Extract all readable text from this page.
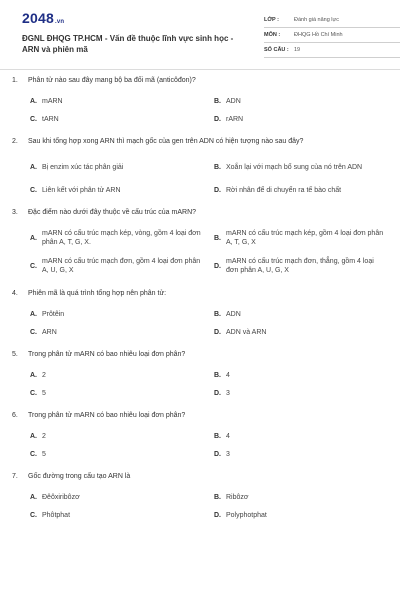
2048.vn
ĐGNL ĐHQG TP.HCM - Vấn đề thuộc lĩnh vực sinh học - ARN và phiên mã
LỚP :	Đánh giá năng lực
MÔN :	ĐHQG Hồ Chí Minh
SỐ CÂU : 19
1.	Phân tử nào sau đây mang bộ ba đối mã (anticôđon)?
A. mARN	B. ADN
C. tARN	D. rARN
2.	Sau khi tổng hợp xong ARN thì mạch gốc của gen trên ADN có hiện tượng nào sau đây?
A. Bị enzim xúc tác phân giải	B. Xoắn lại với mạch bổ sung của nó trên ADN
C. Liên kết với phân tử ARN	D. Rời nhân để di chuyển ra tế bào chất
3.	Đặc điểm nào dưới đây thuộc về cấu trúc của mARN?
A.
mARN có cấu trúc mạch kép, vòng, gồm 4 loại đơn phân A, T, G, X.
B.
mARN có cấu trúc mạch kép, gồm 4 loại đơn phân A, T, G, X
C.
mARN có cấu trúc mạch đơn, gồm 4 loại đơn phân A, U, G, X
D.
mARN có cấu trúc mạch đơn, thẳng, gồm 4 loại đơn phân A, U, G, X
4.	Phiên mã là quá trình tổng hợp nên phân tử:
A. Prôtêin	B. ADN
C. ARN	D. ADN và ARN
5.	Trong phân tử mARN có bao nhiêu loại đơn phân?
A. 2	B. 4
C. 5	D. 3
6.	Trong phân tử mARN có bao nhiêu loại đơn phân?
A. 2	B. 4
C. 5	D. 3
7.	Gốc đường trong cấu tạo ARN là
A. Đêôxiribôzơ	B. Ribôzơ
C. Phôtphat	D. Polyphotphat
